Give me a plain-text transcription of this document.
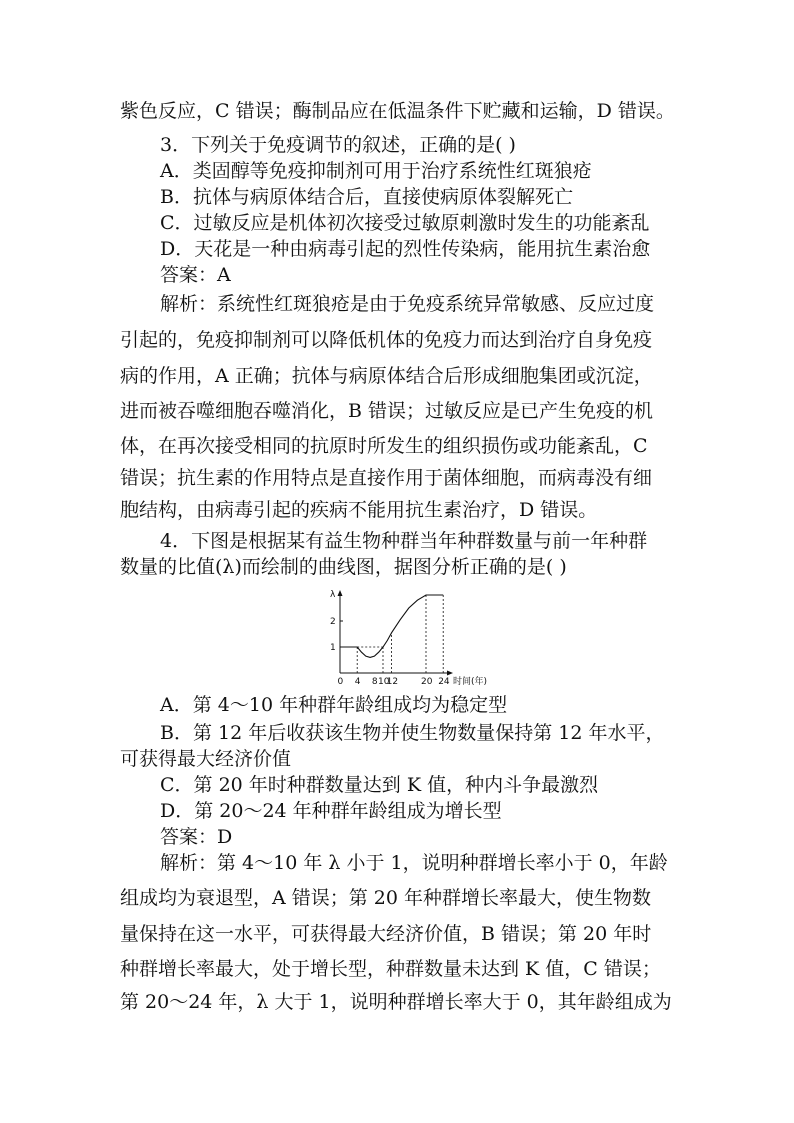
紫色反应，C 错误；酶制品应在低温条件下贮藏和运输，D 错误。
3．下列关于免疫调节的叙述，正确的是( )
A．类固醇等免疫抑制剂可用于治疗系统性红斑狼疮
B．抗体与病原体结合后，直接使病原体裂解死亡
C．过敏反应是机体初次接受过敏原刺激时发生的功能紊乱
D．天花是一种由病毒引起的烈性传染病，能用抗生素治愈
答案：A
解析：系统性红斑狼疮是由于免疫系统异常敏感、反应过度
引起的，免疫抑制剂可以降低机体的免疫力而达到治疗自身免疫
病的作用，A 正确；抗体与病原体结合后形成细胞集团或沉淀，
进而被吞噬细胞吞噬消化，B 错误；过敏反应是已产生免疫的机
体，在再次接受相同的抗原时所发生的组织损伤或功能紊乱，C
错误；抗生素的作用特点是直接作用于菌体细胞，而病毒没有细
胞结构，由病毒引起的疾病不能用抗生素治疗，D 错误。
4．下图是根据某有益生物种群当年种群数量与前一年种群
数量的比值(λ)而绘制的曲线图，据图分析正确的是( )
λ
时间(年)
1
2
0 4 8 10
12	20 24
A．第 4～10 年种群年龄组成均为稳定型
B．第 12 年后收获该生物并使生物数量保持第 12 年水平，
可获得最大经济价值
C．第 20 年时种群数量达到 K 值，种内斗争最激烈
D．第 20～24 年种群年龄组成为增长型
答案：D
解析：第 4～10 年 λ 小于 1，说明种群增长率小于 0，年龄
组成均为衰退型，A 错误；第 20 年种群增长率最大，使生物数
量保持在这一水平，可获得最大经济价值，B 错误；第 20 年时
种群增长率最大，处于增长型，种群数量未达到 K 值，C 错误；
第 20～24 年，λ 大于 1，说明种群增长率大于 0，其年龄组成为
